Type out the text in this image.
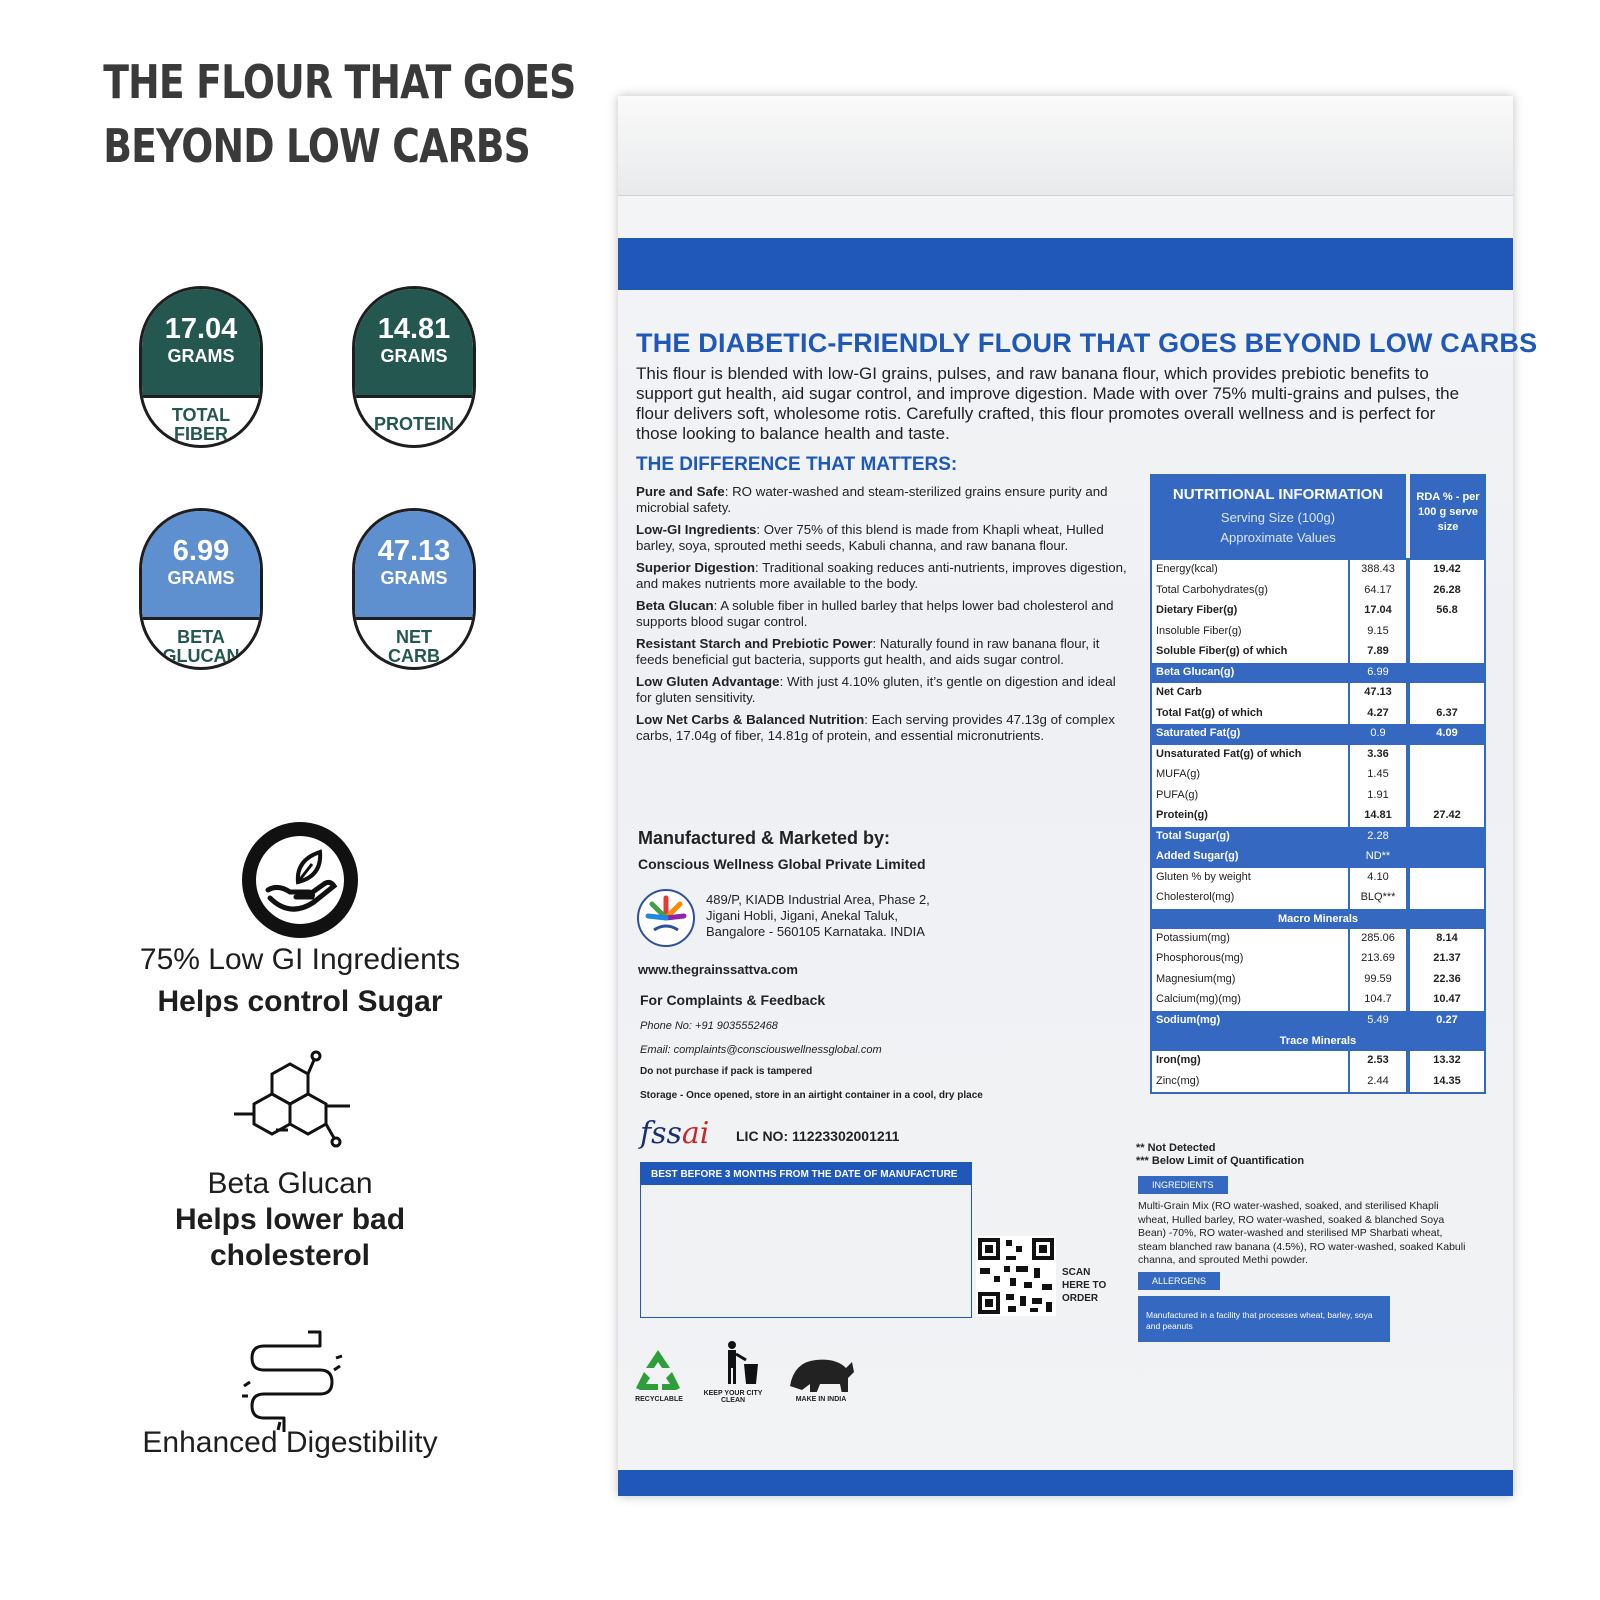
THE FLOUR THAT GOES
BEYOND LOW CARBS
17.04
GRAMS
TOTAL
FIBER
14.81
GRAMS
PROTEIN
6.99
GRAMS
BETA
GLUCAN
47.13
GRAMS
NET
CARB
75% Low GI Ingredients
Helps control Sugar
Beta Glucan
Helps lower bad cholesterol
Enhanced Digestibility
THE DIABETIC-FRIENDLY FLOUR THAT GOES BEYOND LOW CARBS
This flour is blended with low-GI grains, pulses, and raw banana flour, which provides prebiotic benefits to support gut health, aid sugar control, and improve digestion. Made with over 75% multi-grains and pulses, the flour delivers soft, wholesome rotis. Carefully crafted, this flour promotes overall wellness and is perfect for those looking to balance health and taste.
THE DIFFERENCE THAT MATTERS:
Pure and Safe: RO water-washed and steam-sterilized grains ensure purity and microbial safety.
Low-GI Ingredients: Over 75% of this blend is made from Khapli wheat, Hulled barley, soya, sprouted methi seeds, Kabuli channa, and raw banana flour.
Superior Digestion: Traditional soaking reduces anti-nutrients, improves digestion, and makes nutrients more available to the body.
Beta Glucan: A soluble fiber in hulled barley that helps lower bad cholesterol and supports blood sugar control.
Resistant Starch and Prebiotic Power: Naturally found in raw banana flour, it feeds beneficial gut bacteria, supports gut health, and aids sugar control.
Low Gluten Advantage: With just 4.10% gluten, it’s gentle on digestion and ideal for gluten sensitivity.
Low Net Carbs & Balanced Nutrition: Each serving provides 47.13g of complex carbs, 17.04g of fiber, 14.81g of protein, and essential micronutrients.
Manufactured & Marketed by:
Conscious Wellness Global Private Limited
489/P, KIADB Industrial Area, Phase 2, Jigani Hobli, Jigani, Anekal Taluk, Bangalore - 560105 Karnataka. INDIA
www.thegrainssattva.com
For Complaints & Feedback
Phone No: +91 9035552468
Email: complaints@consciouswellnessglobal.com
Do not purchase if pack is tampered
Storage - Once opened, store in an airtight container in a cool, dry place
fssai LIC NO: 11223302001211
BEST BEFORE 3 MONTHS FROM THE DATE OF MANUFACTURE
SCAN HERE TO ORDER
RECYCLABLE
KEEP YOUR CITY CLEAN	MAKE IN INDIA
NUTRITIONAL INFORMATION
Serving Size (100g)
Approximate Values
RDA % - per 100 g serve size
Energy(kcal)	388.43	19.42
Total Carbohydrates(g)	64.17	26.28
Dietary Fiber(g)	17.04	56.8
Insoluble Fiber(g)	9.15
Soluble Fiber(g) of which	7.89
Beta Glucan(g)	6.99
Net Carb	47.13
Total Fat(g) of which	4.27	6.37
Saturated Fat(g)	0.9	4.09
Unsaturated Fat(g) of which	3.36
MUFA(g)	1.45
PUFA(g)	1.91
Protein(g)	14.81	27.42
Total Sugar(g)	2.28
Added Sugar(g)	ND**
Gluten % by weight	4.10
Cholesterol(mg)	BLQ***
Macro Minerals
Potassium(mg)	285.06	8.14
Phosphorous(mg)	213.69	21.37
Magnesium(mg)	99.59	22.36
Calcium(mg)(mg)	104.7	10.47
Sodium(mg)	5.49	0.27
Trace Minerals
Iron(mg)	2.53	13.32
Zinc(mg)	2.44	14.35
** Not Detected
*** Below Limit of Quantification
INGREDIENTS
Multi-Grain Mix (RO water-washed, soaked, and sterilised Khapli wheat, Hulled barley, RO water-washed, soaked & blanched Soya Bean) -70%, RO water-washed and sterilised MP Sharbati wheat, steam blanched raw banana (4.5%), RO water-washed, soaked Kabuli channa, and sprouted Methi powder.
ALLERGENS
Manufactured in a facility that processes wheat, barley, soya and peanuts
